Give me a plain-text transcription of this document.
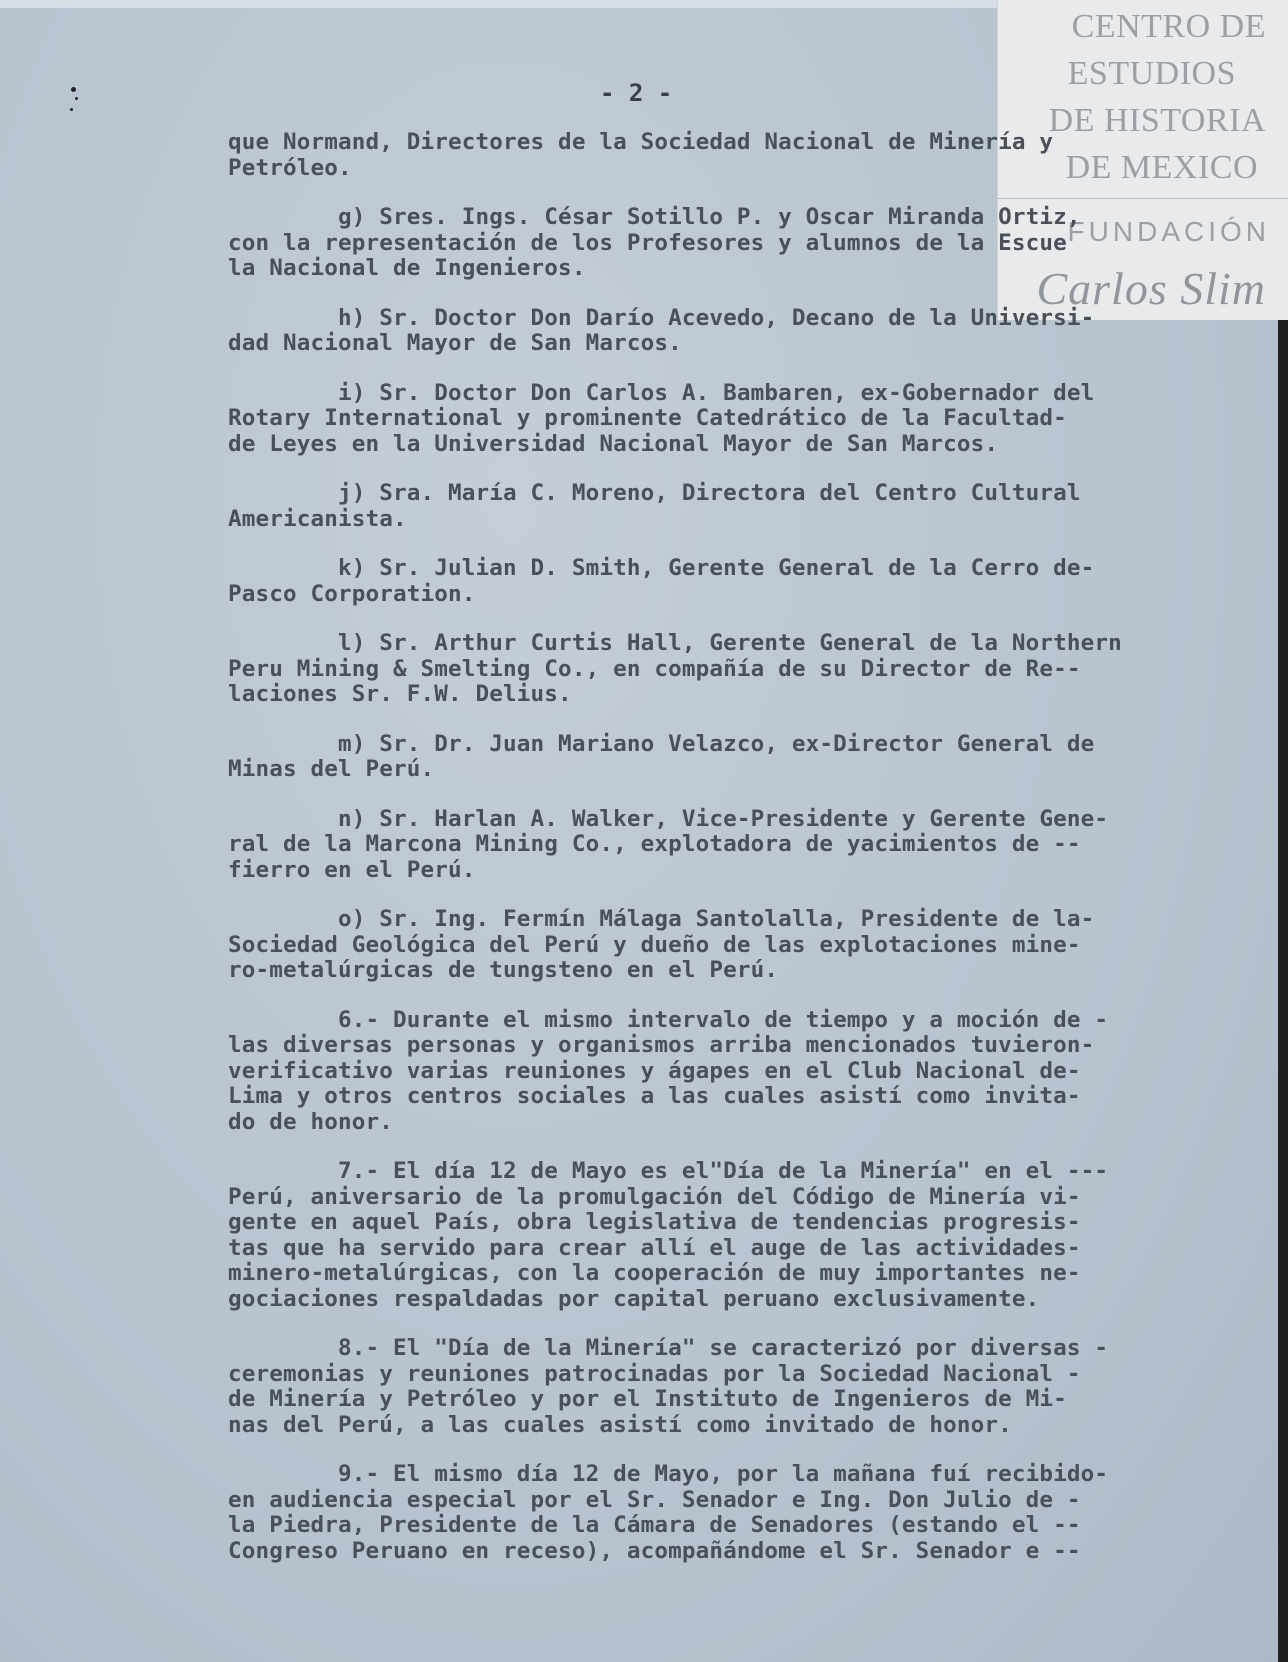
CENTRO DE
ESTUDIOS
DE HISTORIA
DE MEXICO
FUNDACIÓN
Carlos Slim
- 2 -
que Normand, Directores de la Sociedad Nacional de Minería y
Petróleo.
g) Sres. Ings. César Sotillo P. y Oscar Miranda Ortiz,
con la representación de los Profesores y alumnos de la Escue
la Nacional de Ingenieros.
h) Sr. Doctor Don Darío Acevedo, Decano de la Universi-
dad Nacional Mayor de San Marcos.
i) Sr. Doctor Don Carlos A. Bambaren, ex-Gobernador del
Rotary International y prominente Catedrático de la Facultad-
de Leyes en la Universidad Nacional Mayor de San Marcos.
j) Sra. María C. Moreno, Directora del Centro Cultural
Americanista.
k) Sr. Julian D. Smith, Gerente General de la Cerro de-
Pasco Corporation.
l) Sr. Arthur Curtis Hall, Gerente General de la Northern
Peru Mining & Smelting Co., en compañía de su Director de Re--
laciones Sr. F.W. Delius.
m) Sr. Dr. Juan Mariano Velazco, ex-Director General de
Minas del Perú.
n) Sr. Harlan A. Walker, Vice-Presidente y Gerente Gene-
ral de la Marcona Mining Co., explotadora de yacimientos de --
fierro en el Perú.
o) Sr. Ing. Fermín Málaga Santolalla, Presidente de la-
Sociedad Geológica del Perú y dueño de las explotaciones mine-
ro-metalúrgicas de tungsteno en el Perú.
6.- Durante el mismo intervalo de tiempo y a moción de -
las diversas personas y organismos arriba mencionados tuvieron-
verificativo varias reuniones y ágapes en el Club Nacional de-
Lima y otros centros sociales a las cuales asistí como invita-
do de honor.
7.- El día 12 de Mayo es el"Día de la Minería" en el ---
Perú, aniversario de la promulgación del Código de Minería vi-
gente en aquel País, obra legislativa de tendencias progresis-
tas que ha servido para crear allí el auge de las actividades-
minero-metalúrgicas, con la cooperación de muy importantes ne-
gociaciones respaldadas por capital peruano exclusivamente.
8.- El "Día de la Minería" se caracterizó por diversas -
ceremonias y reuniones patrocinadas por la Sociedad Nacional -
de Minería y Petróleo y por el Instituto de Ingenieros de Mi-
nas del Perú, a las cuales asistí como invitado de honor.
9.- El mismo día 12 de Mayo, por la mañana fuí recibido-
en audiencia especial por el Sr. Senador e Ing. Don Julio de -
la Piedra, Presidente de la Cámara de Senadores (estando el --
Congreso Peruano en receso), acompañándome el Sr. Senador e --
